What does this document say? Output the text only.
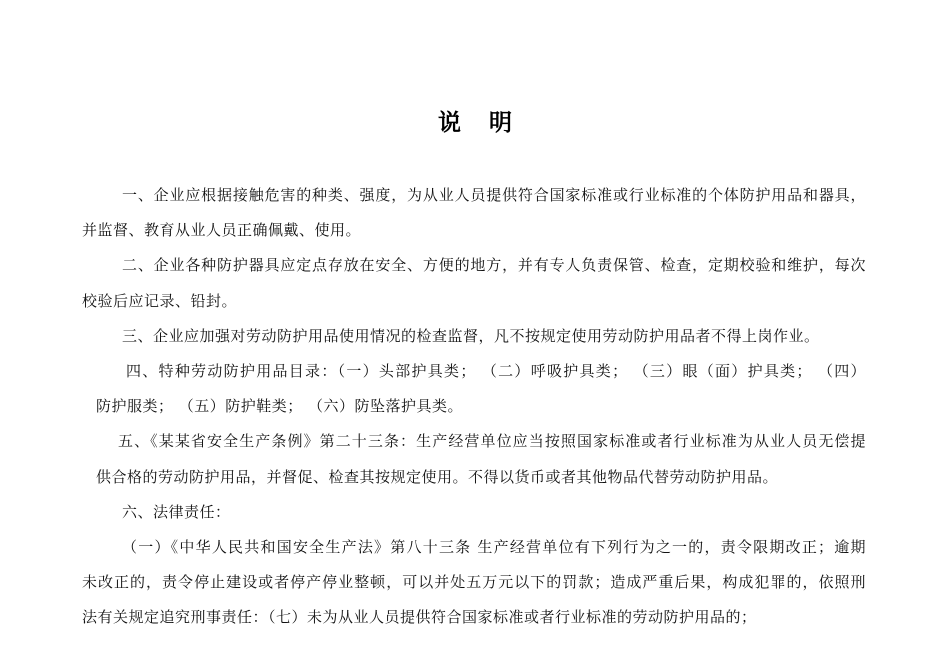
说 明
一、企业应根据接触危害的种类、强度，为从业人员提供符合国家标准或行业标准的个体防护用品和器具，
并监督、教育从业人员正确佩戴、使用。
二、企业各种防护器具应定点存放在安全、方便的地方，并有专人负责保管、检查，定期校验和维护，每次
校验后应记录、铅封。
三、企业应加强对劳动防护用品使用情况的检查监督，凡不按规定使用劳动防护用品者不得上岗作业。
四、特种劳动防护用品目录：（一）头部护具类； （二）呼吸护具类； （三）眼（面）护具类； （四）
防护服类； （五）防护鞋类； （六）防坠落护具类。
五、《某某省安全生产条例》第二十三条：生产经营单位应当按照国家标准或者行业标准为从业人员无偿提
供合格的劳动防护用品，并督促、检查其按规定使用。不得以货币或者其他物品代替劳动防护用品。
六、法律责任：
（一）《中华人民共和国安全生产法》第八十三条 生产经营单位有下列行为之一的，责令限期改正；逾期
未改正的，责令停止建设或者停产停业整顿，可以并处五万元以下的罚款；造成严重后果，构成犯罪的，依照刑
法有关规定追究刑事责任：（七）未为从业人员提供符合国家标准或者行业标准的劳动防护用品的；
